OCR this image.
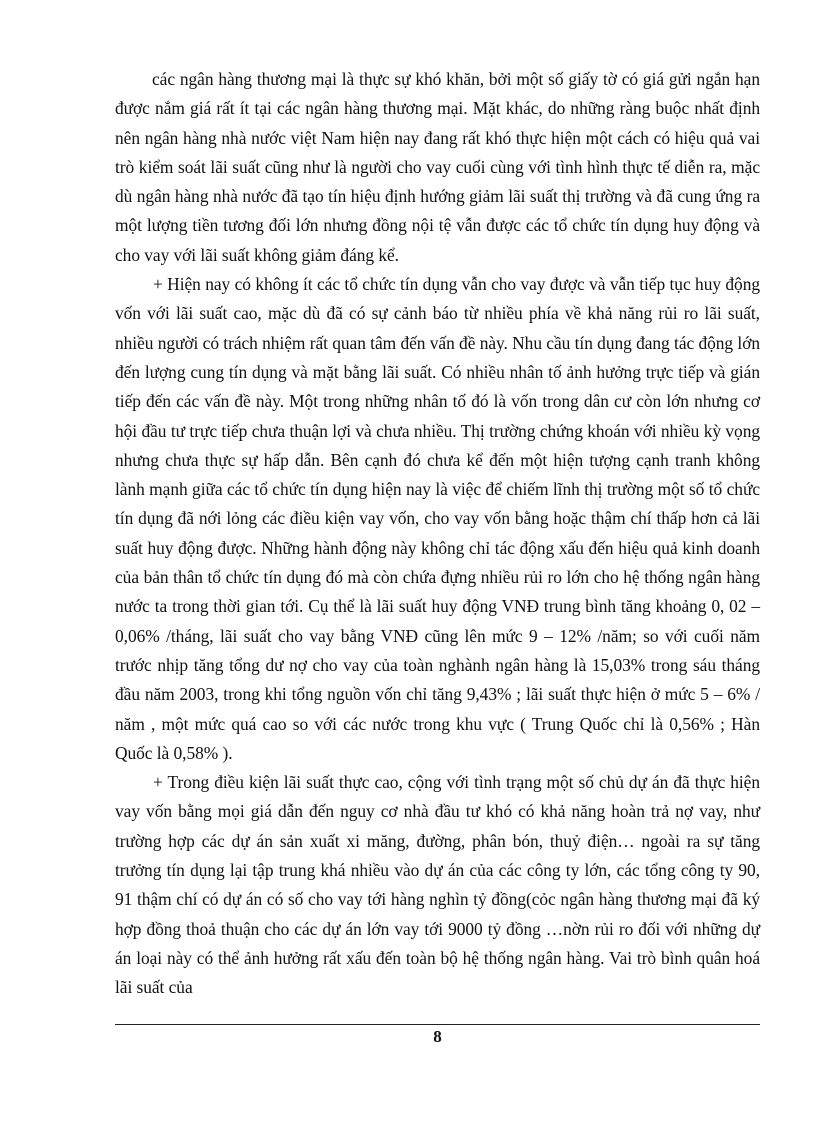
các ngân hàng thương mại là thực sự khó khăn, bởi một số giấy tờ có giá gửi ngắn hạn được nắm giá rất ít tại các ngân hàng thương mại. Mặt khác, do những ràng buộc nhất định nên ngân hàng nhà nước việt Nam hiện nay đang rất khó thực hiện một cách có hiệu quả vai trò kiểm soát lãi suất cũng như là người cho vay cuối cùng với tình hình thực tế diễn ra, mặc dù ngân hàng nhà nước đã tạo tín hiệu định hướng giảm lãi suất thị trường và đã cung ứng ra một lượng tiền tương đối lớn nhưng đồng nội tệ vẫn được các tổ chức tín dụng huy động và cho vay với lãi suất không giảm đáng kể.

+ Hiện nay có không ít các tổ chức tín dụng vẫn cho vay được và vẫn tiếp tục huy động vốn với lãi suất cao, mặc dù đã có sự cảnh báo từ nhiều phía về khả năng rủi ro lãi suất, nhiều người có trách nhiệm rất quan tâm đến vấn đề này. Nhu cầu tín dụng đang tác động lớn đến lượng cung tín dụng và mặt bằng lãi suất. Có nhiều nhân tố ảnh hưởng trực tiếp và gián tiếp đến các vấn đề này. Một trong những nhân tố đó là vốn trong dân cư còn lớn nhưng cơ hội đầu tư trực tiếp chưa thuận lợi và chưa nhiều. Thị trường chứng khoán với nhiều kỳ vọng nhưng chưa thực sự hấp dẫn. Bên cạnh đó chưa kể đến một hiện tượng cạnh tranh không lành mạnh giữa các tổ chức tín dụng hiện nay là việc để chiếm lĩnh thị trường một số tổ chức tín dụng đã nới lỏng các điều kiện vay vốn, cho vay vốn bằng hoặc thậm chí thấp hơn cả lãi suất huy động được. Những hành động này không chỉ tác động xấu đến hiệu quả kinh doanh của bản thân tổ chức tín dụng đó mà còn chứa đựng nhiều rủi ro lớn cho hệ thống ngân hàng nước ta trong thời gian tới. Cụ thể là lãi suất huy động VNĐ trung bình tăng khoảng 0, 02 – 0,06% /tháng, lãi suất cho vay bằng VNĐ cũng lên mức 9 – 12% /năm; so với cuối năm trước nhịp tăng tổng dư nợ cho vay của toàn nghành ngân hàng là 15,03% trong sáu tháng đầu năm 2003, trong khi tổng nguồn vốn chỉ tăng 9,43% ; lãi suất thực hiện ở mức 5 – 6% / năm , một mức quá cao so với các nước trong khu vực ( Trung Quốc chỉ là 0,56% ; Hàn Quốc là 0,58% ).

+ Trong điều kiện lãi suất thực cao, cộng với tình trạng một số chủ dự án đã thực hiện vay vốn bằng mọi giá dẫn đến nguy cơ nhà đầu tư khó có khả năng hoàn trả nợ vay, như trường hợp các dự án sản xuất xi măng, đường, phân bón, thuỷ điện… ngoài ra sự tăng trưởng tín dụng lại tập trung khá nhiều vào dự án của các công ty lớn, các tổng công ty 90, 91 thậm chí có dự án có số cho vay tới hàng nghìn tỷ đồng(cỏc ngân hàng thương mại đã ký hợp đồng thoả thuận cho các dự án lớn vay tới 9000 tỷ đồng …nờn rủi ro đối với những dự án loại này có thể ảnh hưởng rất xấu đến toàn bộ hệ thống ngân hàng. Vai trò bình quân hoá lãi suất của

8
